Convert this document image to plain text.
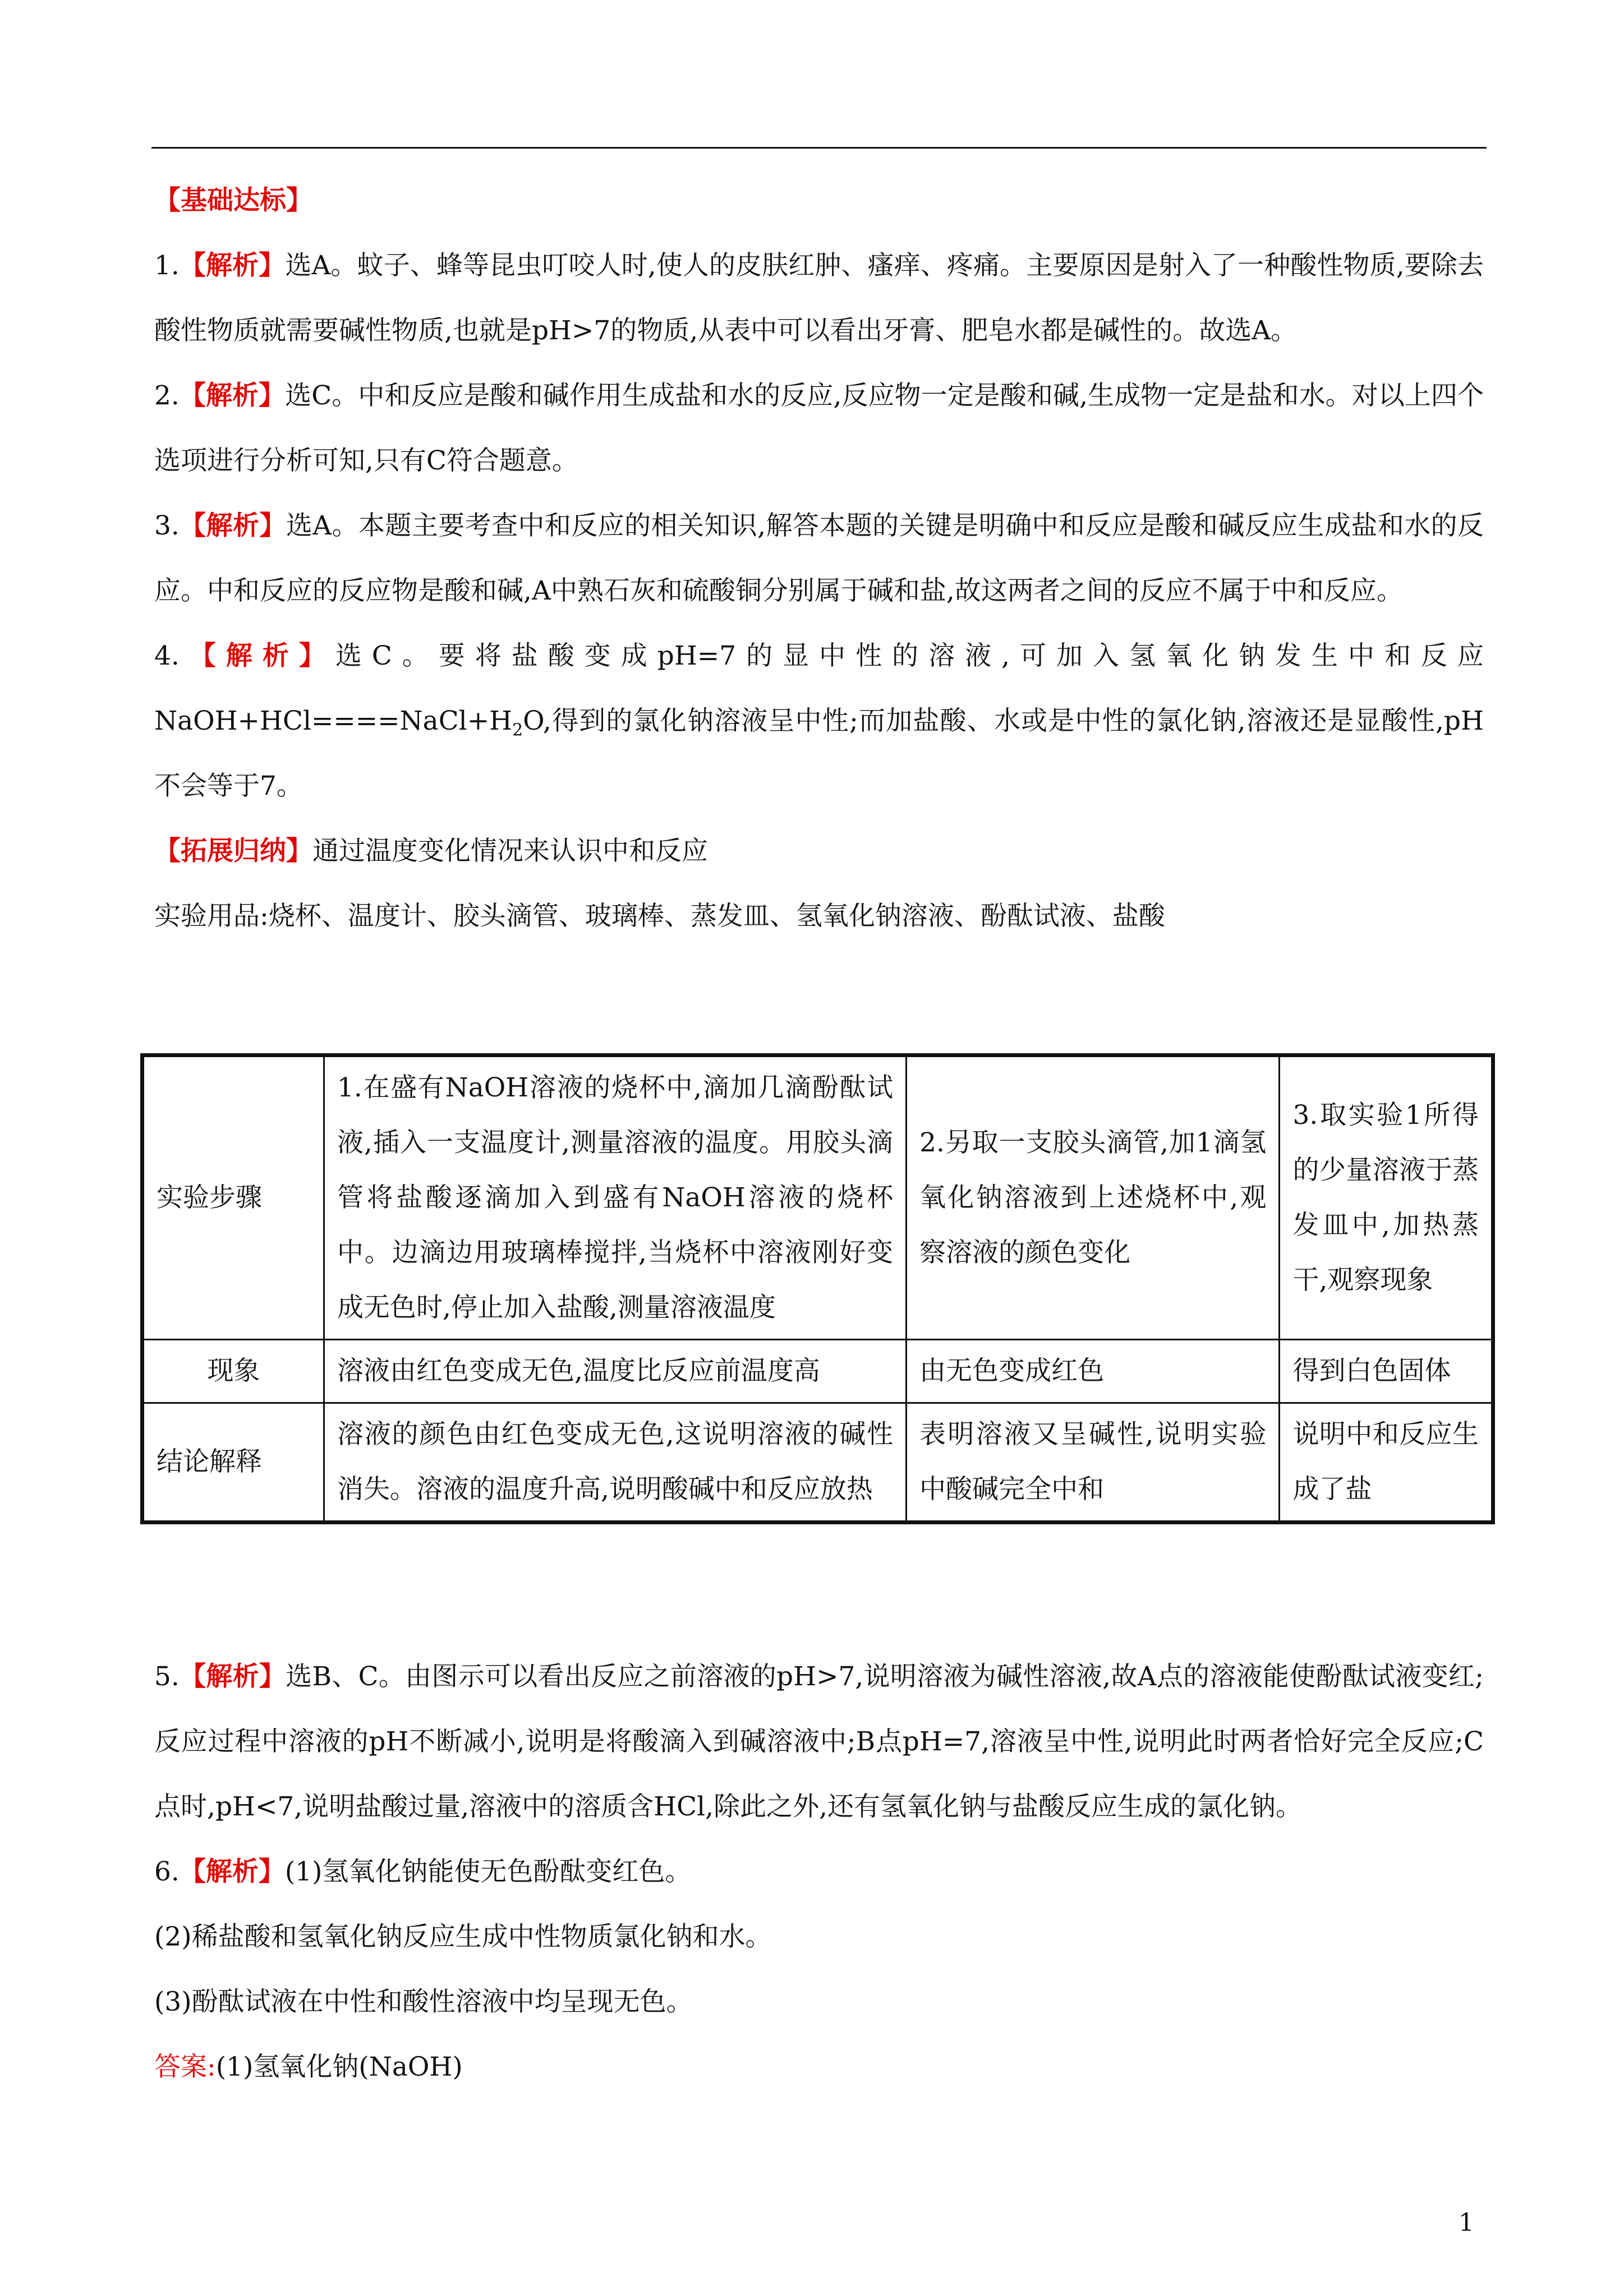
【基础达标】

1.【解析】选A。蚊子、蜂等昆虫叮咬人时,使人的皮肤红肿、瘙痒、疼痛。主要原因是射入了一种酸性物质,要除去酸性物质就需要碱性物质,也就是pH>7的物质,从表中可以看出牙膏、肥皂水都是碱性的。故选A。

2.【解析】选C。中和反应是酸和碱作用生成盐和水的反应,反应物一定是酸和碱,生成物一定是盐和水。对以上四个选项进行分析可知,只有C符合题意。

3.【解析】选A。本题主要考查中和反应的相关知识,解答本题的关键是明确中和反应是酸和碱反应生成盐和水的反应。中和反应的反应物是酸和碱,A中熟石灰和硫酸铜分别属于碱和盐,故这两者之间的反应不属于中和反应。

4.【解析】选C。要将盐酸变成pH=7的显中性的溶液,可加入氢氧化钠发生中和反应$NaOH+HCl====NaCl+H_2O$,得到的氯化钠溶液呈中性;而加盐酸、水或是中性的氯化钠,溶液还是显酸性,pH不会等于7。

【拓展归纳】通过温度变化情况来认识中和反应

实验用品:烧杯、温度计、胶头滴管、玻璃棒、蒸发皿、氢氧化钠溶液、酚酞试液、盐酸

实验步骤	1.在盛有NaOH溶液的烧杯中,滴加几滴酚酞试液,插入一支温度计,测量溶液的温度。用胶头滴管将盐酸逐滴加入到盛有NaOH溶液的烧杯中。边滴边用玻璃棒搅拌,当烧杯中溶液刚好变成无色时,停止加入盐酸,测量溶液温度	2.另取一支胶头滴管,加1滴氢氧化钠溶液到上述烧杯中,观察溶液的颜色变化	3.取实验1所得的少量溶液于蒸发皿中,加热蒸干,观察现象
现象	溶液由红色变成无色,温度比反应前温度高	由无色变成红色	得到白色固体
结论解释	溶液的颜色由红色变成无色,这说明溶液的碱性消失。溶液的温度升高,说明酸碱中和反应放热	表明溶液又呈碱性,说明实验中酸碱完全中和	说明中和反应生成了盐

5.【解析】选B、C。由图示可以看出反应之前溶液的pH>7,说明溶液为碱性溶液,故A点的溶液能使酚酞试液变红;反应过程中溶液的pH不断减小,说明是将酸滴入到碱溶液中;B点pH=7,溶液呈中性,说明此时两者恰好完全反应;C点时,pH<7,说明盐酸过量,溶液中的溶质含HCl,除此之外,还有氢氧化钠与盐酸反应生成的氯化钠。

6.【解析】(1)氢氧化钠能使无色酚酞变红色。

(2)稀盐酸和氢氧化钠反应生成中性物质氯化钠和水。

(3)酚酞试液在中性和酸性溶液中均呈现无色。

答案:(1)氢氧化钠(NaOH)

1
